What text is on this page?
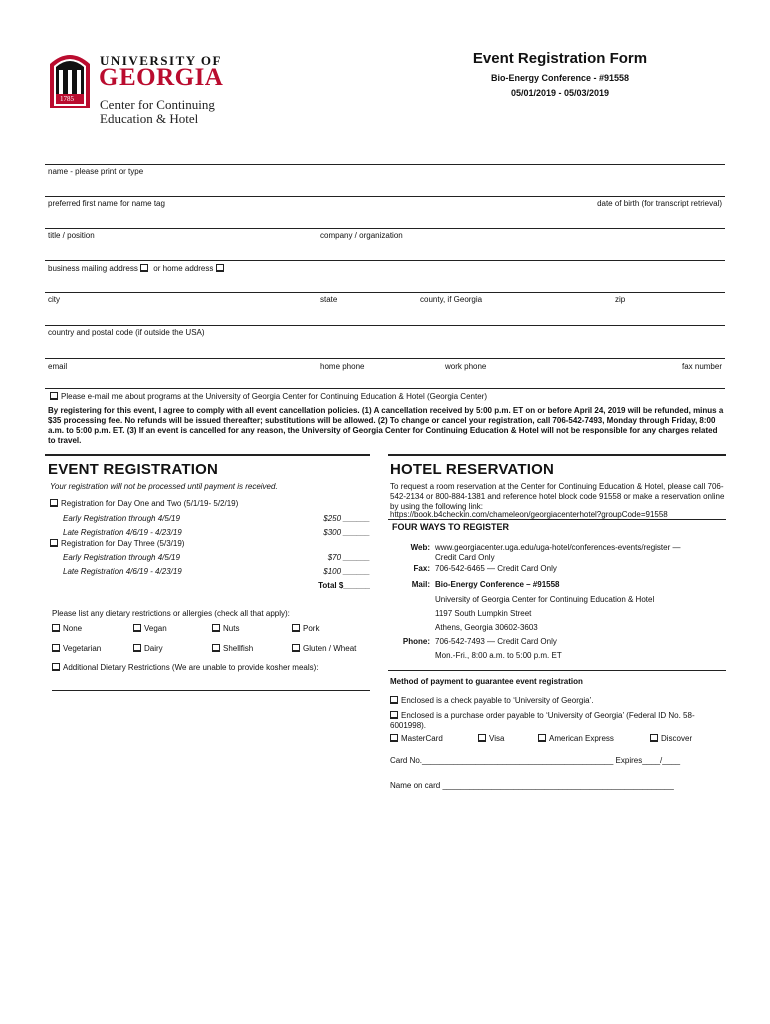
1785
UNIVERSITY OF
GEORGIA
Center for Continuing
Education & Hotel
Event Registration Form
Bio-Energy Conference - #91558
05/01/2019 - 05/03/2019
name - please print or type
preferred first name for name tag	date of birth (for transcript retrieval)
title / position	company / organization
business mailing address or home address
city	state	county, if Georgia	zip
country and postal code (if outside the USA)
email	home phone	work phone	fax number
Please e-mail me about programs at the University of Georgia Center for Continuing Education & Hotel (Georgia Center)
By registering for this event, I agree to comply with all event cancellation policies. (1) A cancellation received by 5:00 p.m. ET on or before April 24, 2019 will be refunded, minus a $35 processing fee. No refunds will be issued thereafter; substitutions will be allowed. (2) To change or cancel your registration, call 706-542-7493, Monday through Friday, 8:00 a.m. to 5:00 p.m. ET. (3) If an event is cancelled for any reason, the University of Georgia Center for Continuing Education & Hotel will not be responsible for any charges related to travel.
EVENT REGISTRATION
Your registration will not be processed until payment is received.
Registration for Day One and Two (5/1/19- 5/2/19)
Early Registration through 4/5/19	$250 ______
Late Registration 4/6/19 - 4/23/19	$300 ______
Registration for Day Three (5/3/19)
Early Registration through 4/5/19	$70 ______
Late Registration 4/6/19 - 4/23/19	$100 ______
Total $______
Please list any dietary restrictions or allergies (check all that apply):
None	Vegan	Nuts	Pork
Vegetarian	Dairy	Shellfish	Gluten / Wheat
Additional Dietary Restrictions (We are unable to provide kosher meals):
HOTEL RESERVATION
To request a room reservation at the Center for Continuing Education & Hotel, please call 706-542-2134 or 800-884-1381 and reference hotel block code 91558 or make a reservation online by using the following link:
https://book.b4checkin.com/chameleon/georgiacenterhotel?groupCode=91558
FOUR WAYS TO REGISTER
Web: www.georgiacenter.uga.edu/uga-hotel/conferences-events/register —
Credit Card Only
Fax: 706-542-6465 — Credit Card Only
Mail: Bio-Energy Conference – #91558
University of Georgia Center for Continuing Education & Hotel
1197 South Lumpkin Street
Athens, Georgia 30602-3603
Phone: 706-542-7493 — Credit Card Only
Mon.-Fri., 8:00 a.m. to 5:00 p.m. ET
Method of payment to guarantee event registration
Enclosed is a check payable to ‘University of Georgia’.
Enclosed is a purchase order payable to ‘University of Georgia’ (Federal ID No. 58-6001998).
MasterCard	Visa	American Express	Discover
Card No.___________________________________________ Expires____/____
Name on card ____________________________________________________
